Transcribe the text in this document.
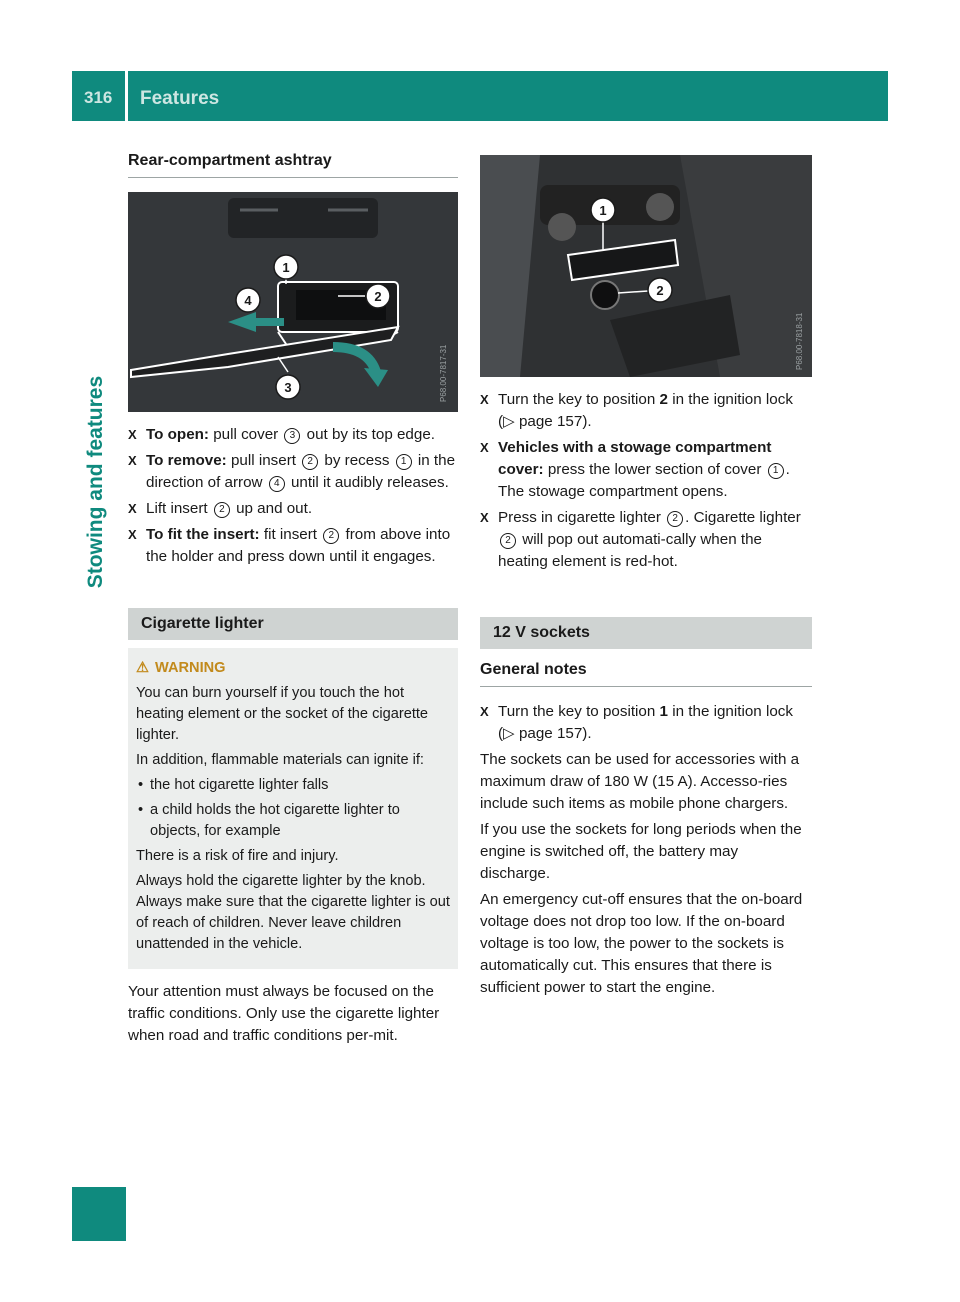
316 Features
Stowing and features
Rear-compartment ashtray
1
2
3
4
P68.00-7817-31
X To open: pull cover 3 out by its top edge.
X To remove: pull insert 2 by recess 1 in the direction of arrow 4 until it audibly releases.
X Lift insert 2 up and out.
X To fit the insert: fit insert 2 from above into the holder and press down until it engages.
Cigarette lighter

⚠ WARNING

You can burn yourself if you touch the hot heating element or the socket of the cigarette lighter.

In addition, flammable materials can ignite if:

• the hot cigarette lighter falls
• a child holds the hot cigarette lighter to objects, for example

There is a risk of fire and injury.

Always hold the cigarette lighter by the knob. Always make sure that the cigarette lighter is out of reach of children. Never leave children unattended in the vehicle.

Your attention must always be focused on the traffic conditions. Only use the cigarette lighter when road and traffic conditions per-mit.

1
2
P68.00-7818-31
X Turn the key to position 2 in the ignition lock (▷ page 157).
X Vehicles with a stowage compartment cover: press the lower section of cover 1 . The stowage compartment opens.
X Press in cigarette lighter 2 . Cigarette lighter 2 will pop out automati-cally when the heating element is red-hot.
12 V sockets
General notes
X Turn the key to position 1 in the ignition lock (▷ page 157).

The sockets can be used for accessories with a maximum draw of 180 W (15 A). Accesso-ries include such items as mobile phone chargers.

If you use the sockets for long periods when the engine is switched off, the battery may discharge.

An emergency cut-off ensures that the on-board voltage does not drop too low. If the on-board voltage is too low, the power to the sockets is automatically cut. This ensures that there is sufficient power to start the engine.
